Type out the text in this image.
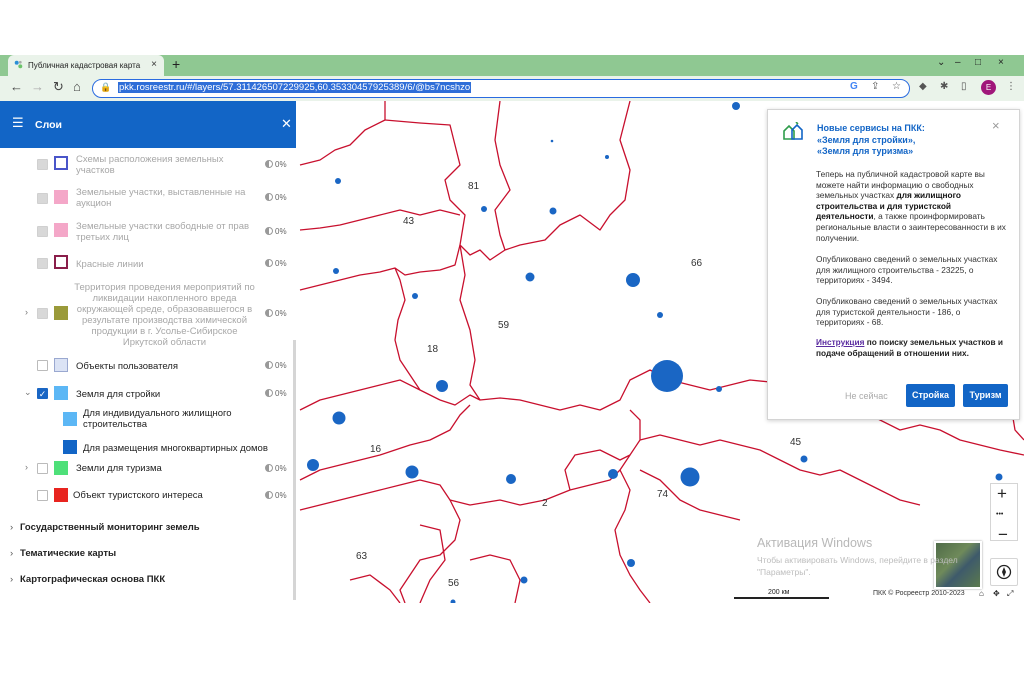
Публичная кадастровая карта × +	⌄ – □ ×
← → ↻ ⌂ 🔒 pkk.rosreestr.ru/#/layers/57.311426507229925,60.35330457925389/6/@bs7ncshzo	G ⇪ ☆ ◆ ✱ ▯	E	⋮
☰ Слои	✕
Схемы расположения земельных участков
0%
Земельные участки, выставленные на аукцион
0%
Земельные участки свободные от прав третьих лиц
0%
Красные линии	0%
›
Территория проведения мероприятий по ликвидации накопленного вреда окружающей среде, образовавшегося в результате производства химической продукции в г. Усолье-Сибирское Иркутской области
0%
Объекты пользователя	0%
⌄ ✓	Земля для стройки	0%
Для индивидуального жилищного строительства
Для размещения многоквартирных домов
›	Земли для туризма	0%
Объект туристского интереса	0%
› Государственный мониторинг земель
› Тематические карты
› Картографическая основа ПКК
81
43
66
59
18
16
45
2
74
63
56
+
•••
−
Активация Windows
Чтобы активировать Windows, перейдите в раздел "Параметры".
200 км	ПКК © Росреестр 2010-2023 ⌂ ✥ ⤢
Новые сервисы на ПКК:
«Земля для стройки»,
«Земля для туризма»
×
Теперь на публичной кадастровой карте вы можете найти информацию о свободных земельных участках для жилищного строительства и для туристской деятельности, а также проинформировать региональные власти о заинтересованности в их получении.
Опубликовано сведений о земельных участках для жилищного строительства - 23225, о территориях - 3494.
Опубликовано сведений о земельных участках для туристской деятельности - 186, о территориях - 68.
Инструкция по поиску земельных участков и подаче обращений в отношении них.
Не сейчас	Стройка	Туризм
